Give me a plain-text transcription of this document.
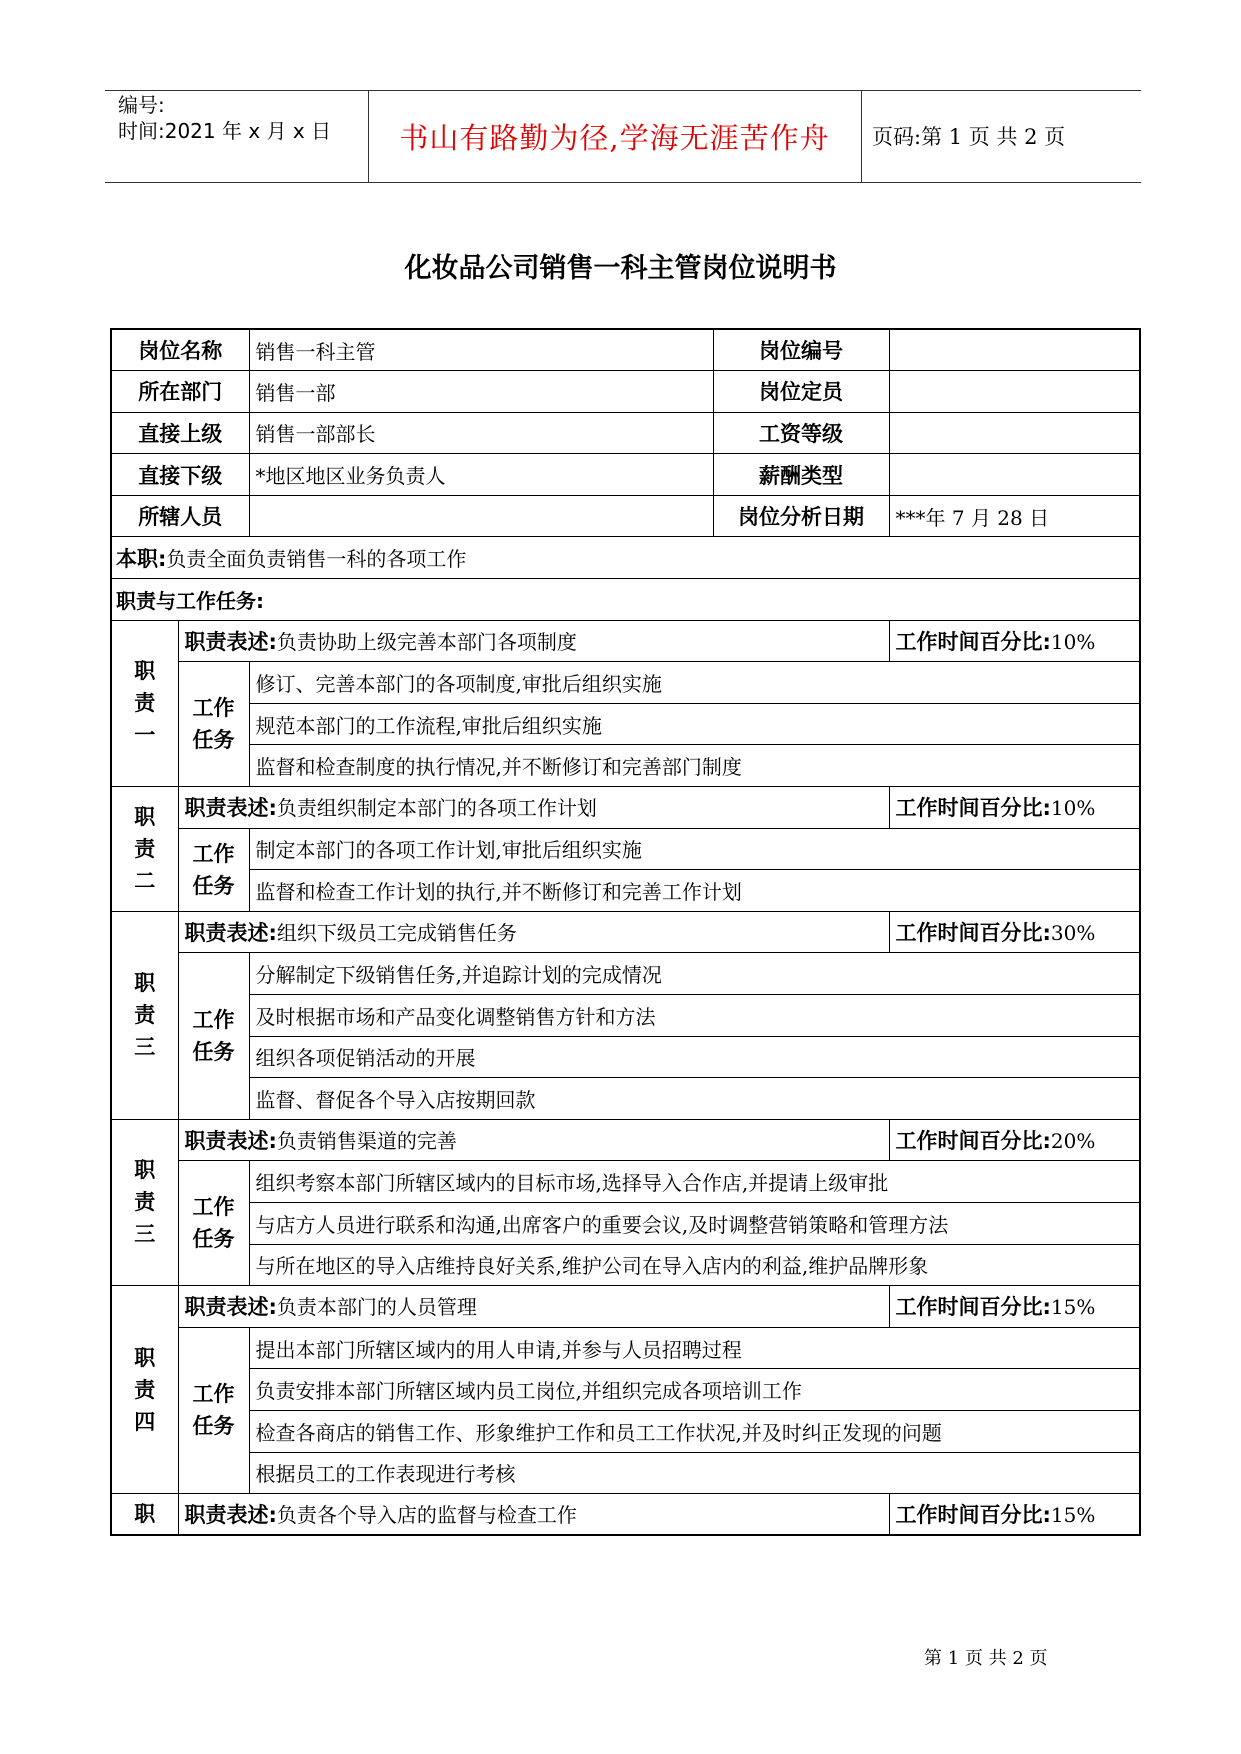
编号:
时间:2021 年 x 月 x 日	书山有路勤为径,学海无涯苦作舟	页码:第 1 页 共 2 页
化妆品公司销售一科主管岗位说明书
岗位名称		销售一科主管	岗位编号	
所在部门		销售一部	岗位定员	
直接上级		销售一部部长	工资等级	
直接下级		*地区地区业务负责人	薪酬类型	
所辖人员			岗位分析日期	***年 7 月 28 日
本职:负责全面负责销售一科的各项工作				
职责与工作任务:				

职
责
一	职责表述:负责协助上级完善本部门各项制度			工作时间百分比:10%

	工作
任务	修订、完善本部门的各项制度,审批后组织实施		
		规范本部门的工作流程,审批后组织实施		
		监督和检查制度的执行情况,并不断修订和完善部门制度		

职
责
二	职责表述:负责组织制定本部门的各项工作计划			工作时间百分比:10%

	工作
任务	制定本部门的各项工作计划,审批后组织实施		
		监督和检查工作计划的执行,并不断修订和完善工作计划		

职
责
三	职责表述:组织下级员工完成销售任务			工作时间百分比:30%

	工作
任务	分解制定下级销售任务,并追踪计划的完成情况		
		及时根据市场和产品变化调整销售方针和方法		
		组织各项促销活动的开展		
		监督、督促各个导入店按期回款		

职
责
三	职责表述:负责销售渠道的完善			工作时间百分比:20%

	工作
任务	组织考察本部门所辖区域内的目标市场,选择导入合作店,并提请上级审批		
		与店方人员进行联系和沟通,出席客户的重要会议,及时调整营销策略和管理方法		
		与所在地区的导入店维持良好关系,维护公司在导入店内的利益,维护品牌形象		

职
责
四	职责表述:负责本部门的人员管理			工作时间百分比:15%

	工作
任务	提出本部门所辖区域内的用人申请,并参与人员招聘过程		
		负责安排本部门所辖区域内员工岗位,并组织完成各项培训工作		
		检查各商店的销售工作、形象维护工作和员工工作状况,并及时纠正发现的问题		
		根据员工的工作表现进行考核		

职	职责表述:负责各个导入店的监督与检查工作			工作时间百分比:15%
第 1 页 共 2 页
